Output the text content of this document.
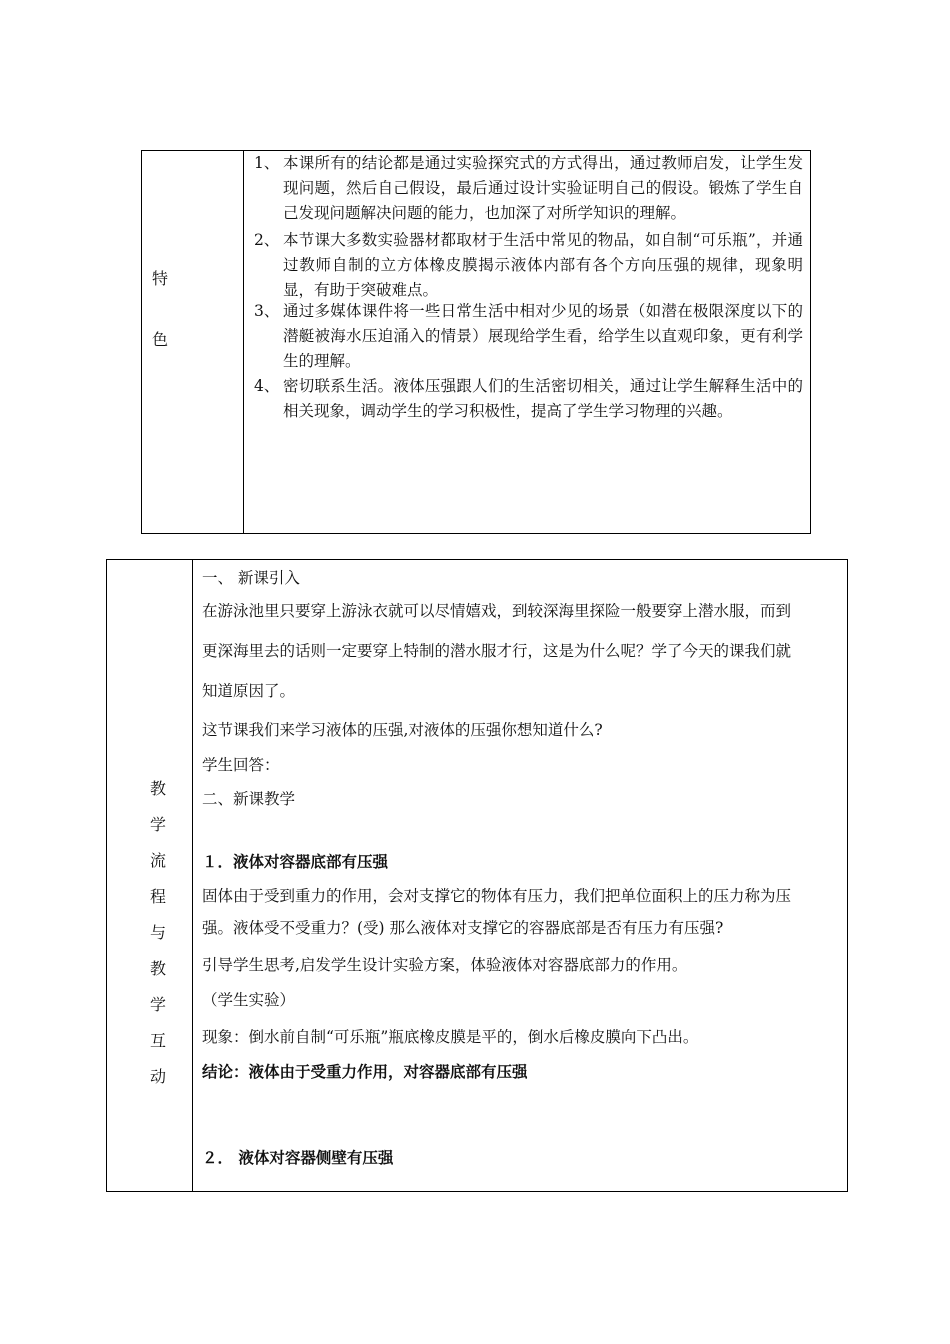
特
色
1、 本课所有的结论都是通过实验探究式的方式得出，通过教师启发，让学生发现问题，然后自己假设，最后通过设计实验证明自己的假设。锻炼了学生自己发现问题解决问题的能力，也加深了对所学知识的理解。
2、 本节课大多数实验器材都取材于生活中常见的物品，如自制“可乐瓶”，并通过教师自制的立方体橡皮膜揭示液体内部有各个方向压强的规律，现象明显，有助于突破难点。
3、 通过多媒体课件将一些日常生活中相对少见的场景（如潜在极限深度以下的潜艇被海水压迫涌入的情景）展现给学生看，给学生以直观印象，更有利学生的理解。
4、 密切联系生活。液体压强跟人们的生活密切相关，通过让学生解释生活中的相关现象，调动学生的学习积极性，提高了学生学习物理的兴趣。
教
学
流
程
与
教
学
互
动
一、 新课引入
在游泳池里只要穿上游泳衣就可以尽情嬉戏，到较深海里探险一般要穿上潜水服，而到
更深海里去的话则一定要穿上特制的潜水服才行，这是为什么呢？学了今天的课我们就
知道原因了。
这节课我们来学习液体的压强,对液体的压强你想知道什么?
学生回答：
二、新课教学
１．液体对容器底部有压强
固体由于受到重力的作用，会对支撑它的物体有压力，我们把单位面积上的压力称为压
强。液体受不受重力？(受) 那么液体对支撑它的容器底部是否有压力有压强?
引导学生思考,启发学生设计实验方案，体验液体对容器底部力的作用。
（学生实验）
现象：倒水前自制“可乐瓶”瓶底橡皮膜是平的，倒水后橡皮膜向下凸出。
结论：液体由于受重力作用，对容器底部有压强
２． 液体对容器侧壁有压强
